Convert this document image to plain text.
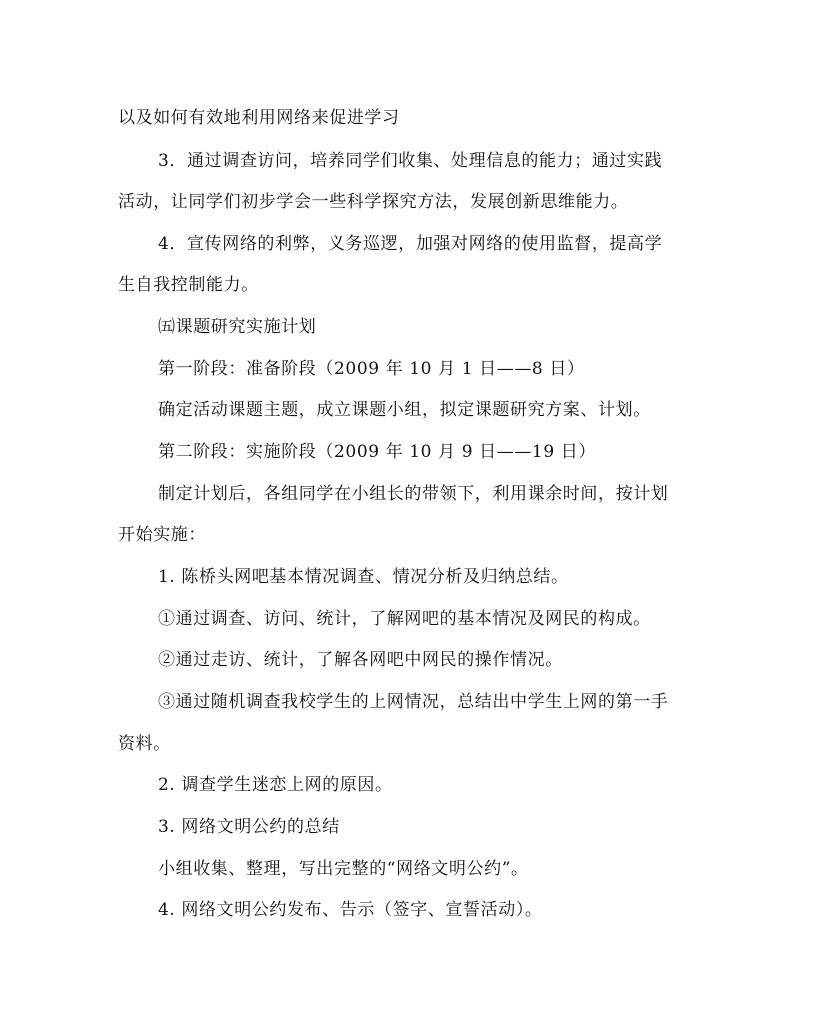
以及如何有效地利用网络来促进学习

3．通过调查访问，培养同学们收集、处理信息的能力；通过实践

活动，让同学们初步学会一些科学探究方法，发展创新思维能力。

4．宣传网络的利弊，义务巡逻，加强对网络的使用监督，提高学

生自我控制能力。

㈤课题研究实施计划

第一阶段：准备阶段（2009 年 10 月 1 日——8 日）

确定活动课题主题，成立课题小组，拟定课题研究方案、计划。

第二阶段：实施阶段（2009 年 10 月 9 日——19 日）

制定计划后，各组同学在小组长的带领下，利用课余时间，按计划

开始实施：

1. 陈桥头网吧基本情况调查、情况分析及归纳总结。

①通过调查、访问、统计，了解网吧的基本情况及网民的构成。

②通过走访、统计，了解各网吧中网民的操作情况。

③通过随机调查我校学生的上网情况，总结出中学生上网的第一手

资料。

2. 调查学生迷恋上网的原因。

3. 网络文明公约的总结

小组收集、整理，写出完整的“网络文明公约”。

4. 网络文明公约发布、告示（签字、宣誓活动）。
